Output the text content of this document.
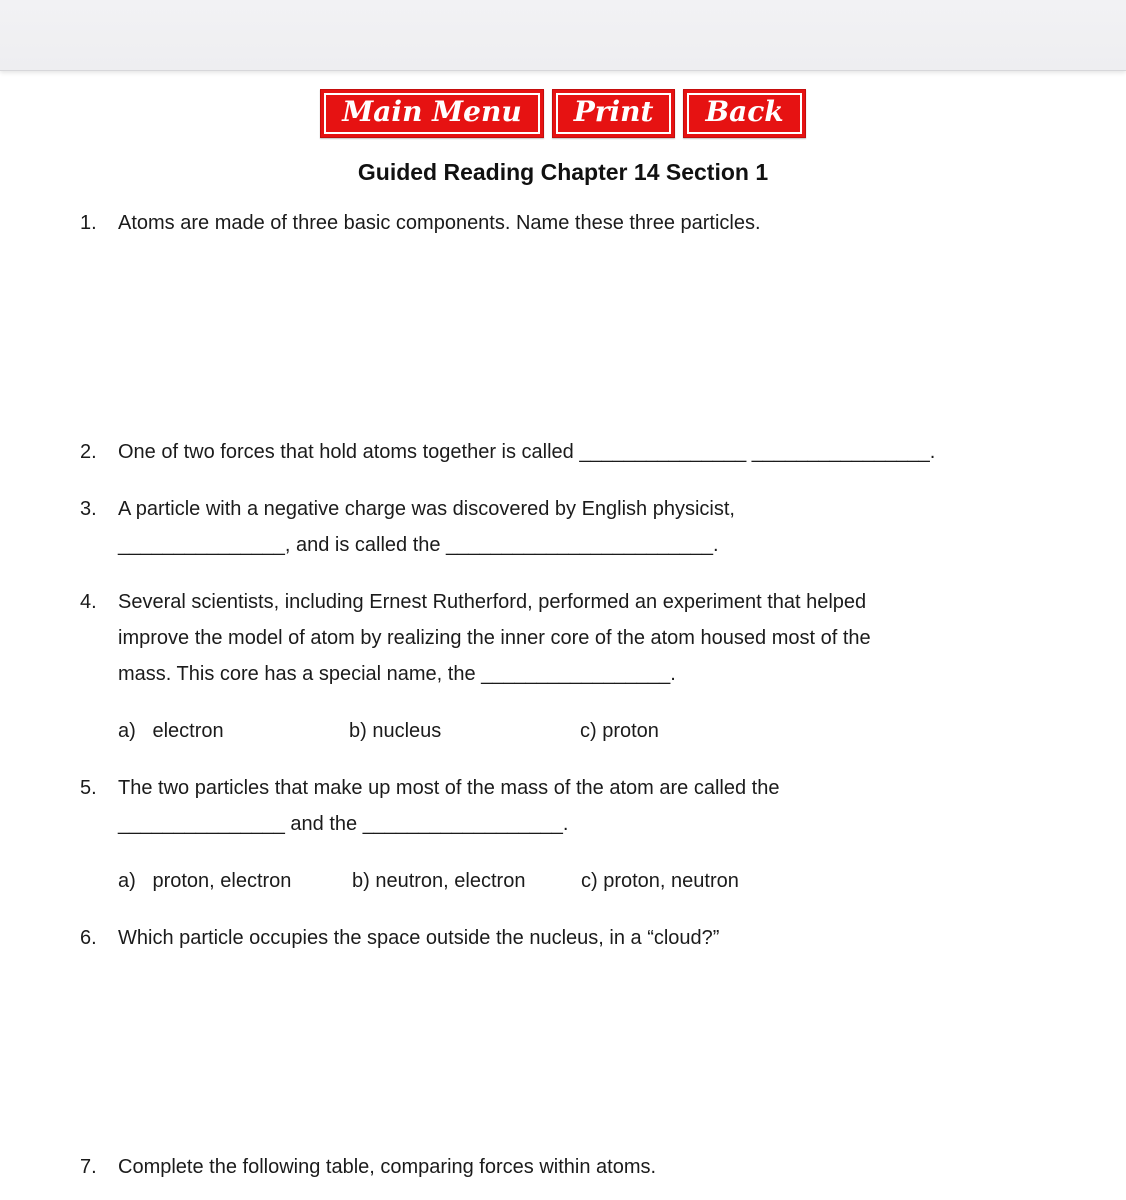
Main Menu	Print	Back
Guided Reading Chapter 14 Section 1
1.	Atoms are made of three basic components. Name these three particles.
2.	One of two forces that hold atoms together is called _______________ ________________.
3.	A particle with a negative charge was discovered by English physicist,
_______________, and is called the ________________________.
4.	Several scientists, including Ernest Rutherford, performed an experiment that helped
improve the model of atom by realizing the inner core of the atom housed most of the
mass. This core has a special name, the _________________.
a)   electron	b) nucleus	c) proton
5.	The two particles that make up most of the mass of the atom are called the
_______________ and the __________________.
a)   proton, electron	b) neutron, electron	c) proton, neutron
6.	Which particle occupies the space outside the nucleus, in a “cloud?”
7.	Complete the following table, comparing forces within atoms.
